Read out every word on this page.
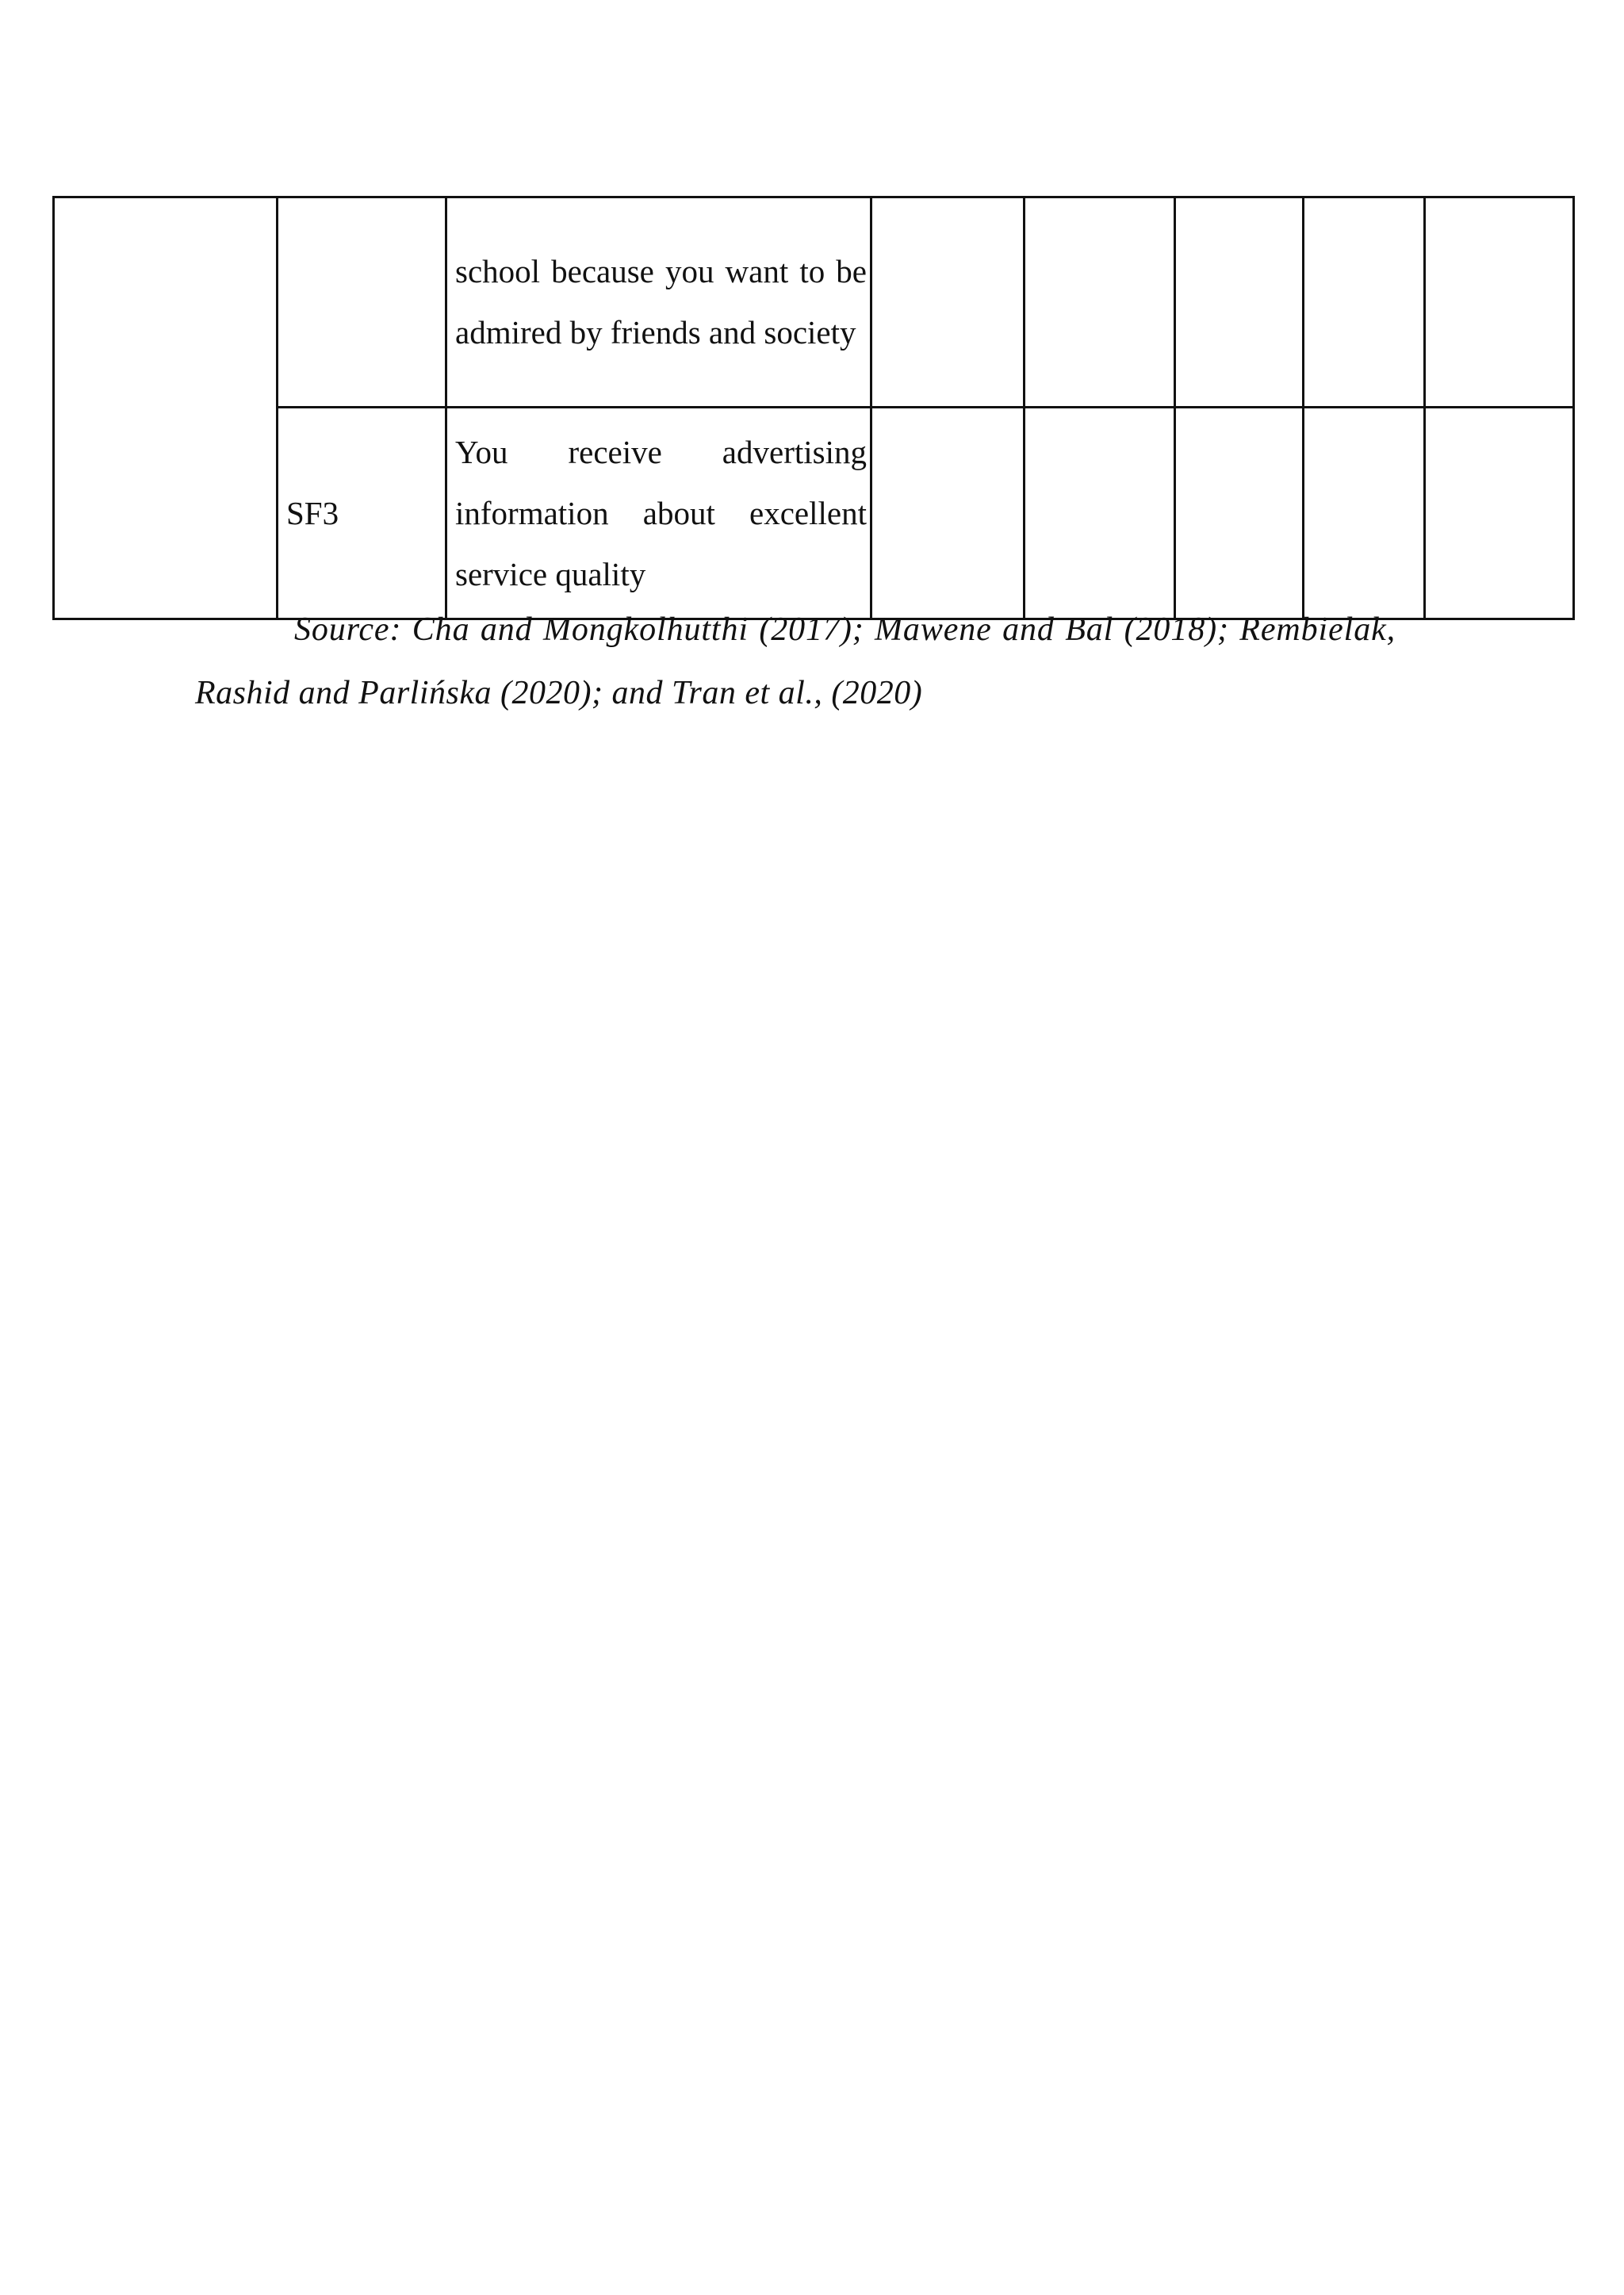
		school because you want to be admired by friends and society					

	SF3	You receive advertising information about excellent service quality					

Source: Cha and Mongkolhutthi (2017); Mawene and Bal (2018); Rembielak,
Rashid and Parlińska (2020); and Tran et al., (2020)
